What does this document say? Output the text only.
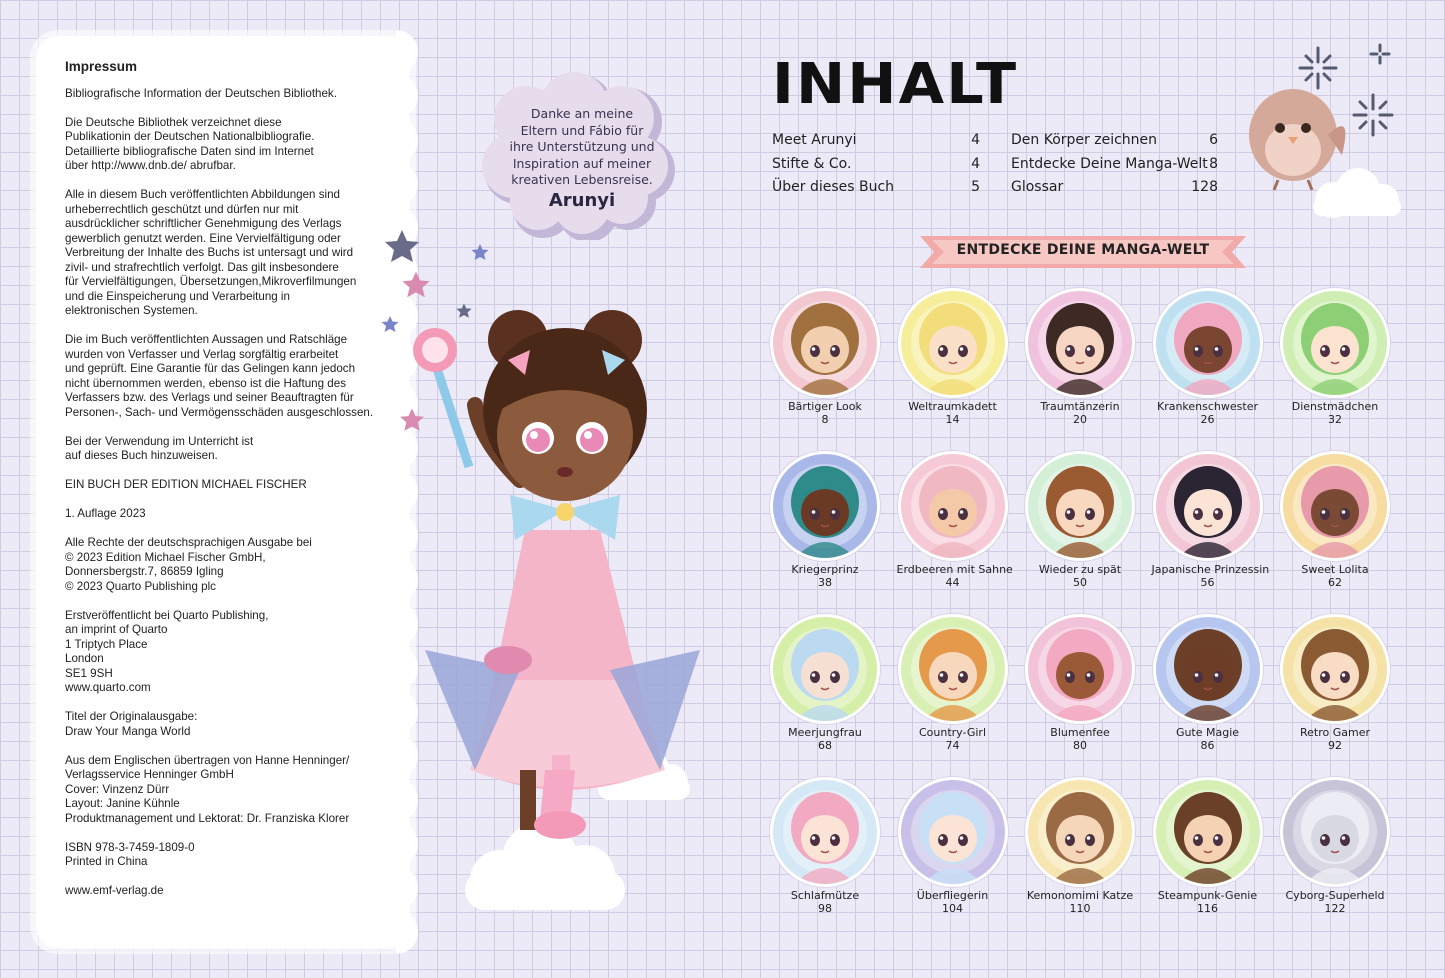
Impressum

Bibliografische Information der Deutschen Bibliothek.

Die Deutsche Bibliothek verzeichnet diese
Publikationin der Deutschen Nationalbibliografie.
Detaillierte bibliografische Daten sind im Internet
über http://www.dnb.de/ abrufbar.

Alle in diesem Buch veröffentlichten Abbildungen sind
urheberrechtlich geschützt und dürfen nur mit
ausdrücklicher schriftlicher Genehmigung des Verlags
gewerblich genutzt werden. Eine Vervielfältigung oder
Verbreitung der Inhalte des Buchs ist untersagt und wird
zivil- und strafrechtlich verfolgt. Das gilt insbesondere
für Vervielfältigungen, Übersetzungen,Mikroverfilmungen
und die Einspeicherung und Verarbeitung in
elektronischen Systemen.

Die im Buch veröffentlichten Aussagen und Ratschläge
wurden von Verfasser und Verlag sorgfältig erarbeitet
und geprüft. Eine Garantie für das Gelingen kann jedoch
nicht übernommen werden, ebenso ist die Haftung des
Verfassers bzw. des Verlags und seiner Beauftragten für
Personen-, Sach- und Vermögensschäden ausgeschlossen.

Bei der Verwendung im Unterricht ist
auf dieses Buch hinzuweisen.

EIN BUCH DER EDITION MICHAEL FISCHER

1. Auflage 2023

Alle Rechte der deutschsprachigen Ausgabe bei
© 2023 Edition Michael Fischer GmbH,
Donnersbergstr.7, 86859 Igling
© 2023 Quarto Publishing plc

Erstveröffentlicht bei Quarto Publishing,
an imprint of Quarto
1 Triptych Place
London
SE1 9SH
www.quarto.com

Titel der Originalausgabe:
Draw Your Manga World

Aus dem Englischen übertragen von Hanne Henninger/
Verlagsservice Henninger GmbH
Cover: Vinzenz Dürr
Layout: Janine Kühnle
Produktmanagement und Lektorat: Dr. Franziska Klorer

ISBN 978-3-7459-1809-0
Printed in China

www.emf-verlag.de

Danke an meine
Eltern und Fábio für
ihre Unterstützung und
Inspiration auf meiner
kreativen Lebensreise.
Arunyi
INHALT
Meet Arunyi	4
Stifte & Co.	4
Über dieses Buch	5
Den Körper zeichnen	6
Entdecke Deine Manga-Welt 8
Glossar	128
ENTDECKE DEINE MANGA-WELT
Bärtiger Look
8
Weltraumkadett
14
Traumtänzerin
20
Krankenschwester
26
Dienstmädchen
32
Kriegerprinz
38
Erdbeeren mit Sahne
44
Wieder zu spät
50
Japanische Prinzessin
56
Sweet Lolita
62
Meerjungfrau
68
Country-Girl
74
Blumenfee
80
Gute Magie
86
Retro Gamer
92
Schlafmütze
98
Überfliegerin
104
Kemonomimi Katze
110
Steampunk-Genie
116
Cyborg-Superheld
122
